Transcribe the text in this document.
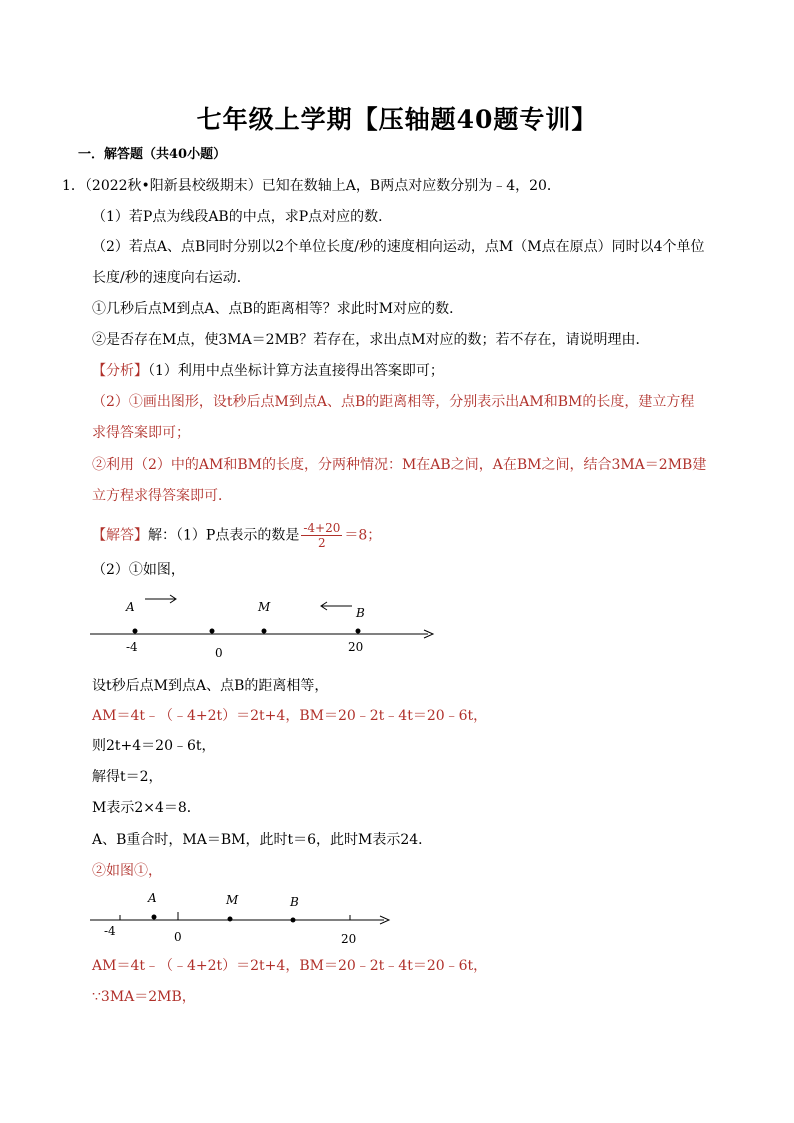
七年级上学期【压轴题40题专训】
一．解答题（共40小题）
1．（2022秋•阳新县校级期末）已知在数轴上A，B两点对应数分别为﹣4，20．
（1）若P点为线段AB的中点，求P点对应的数．
（2）若点A、点B同时分别以2个单位长度/秒的速度相向运动，点M（M点在原点）同时以4个单位
长度/秒的速度向右运动．
①几秒后点M到点A、点B的距离相等？求此时M对应的数．
②是否存在M点，使3MA＝2MB？若存在，求出点M对应的数；若不存在，请说明理由．
【分析】（1）利用中点坐标计算方法直接得出答案即可；
（2）①画出图形，设t秒后点M到点A、点B的距离相等，分别表示出AM和BM的长度，建立方程
求得答案即可；
②利用（2）中的AM和BM的长度，分两种情况：M在AB之间，A在BM之间，结合3MA＝2MB建
立方程求得答案即可．
【解答】解：（1）P点表示的数是 $\frac{-4+20}{2} =8$；
（2）①如图，
A	M	B
-4	0	20
设t秒后点M到点A、点B的距离相等，
AM＝4t﹣（﹣4+2t）＝2t+4，BM＝20﹣2t﹣4t＝20﹣6t，
则2t+4＝20﹣6t，
解得t＝2，
M表示2×4＝8．
A、B重合时，MA＝BM，此时t＝6，此时M表示24．
②如图①，
A	M	B
-4	0	20
AM＝4t﹣（﹣4+2t）＝2t+4，BM＝20﹣2t﹣4t＝20﹣6t，
∵3MA＝2MB，
